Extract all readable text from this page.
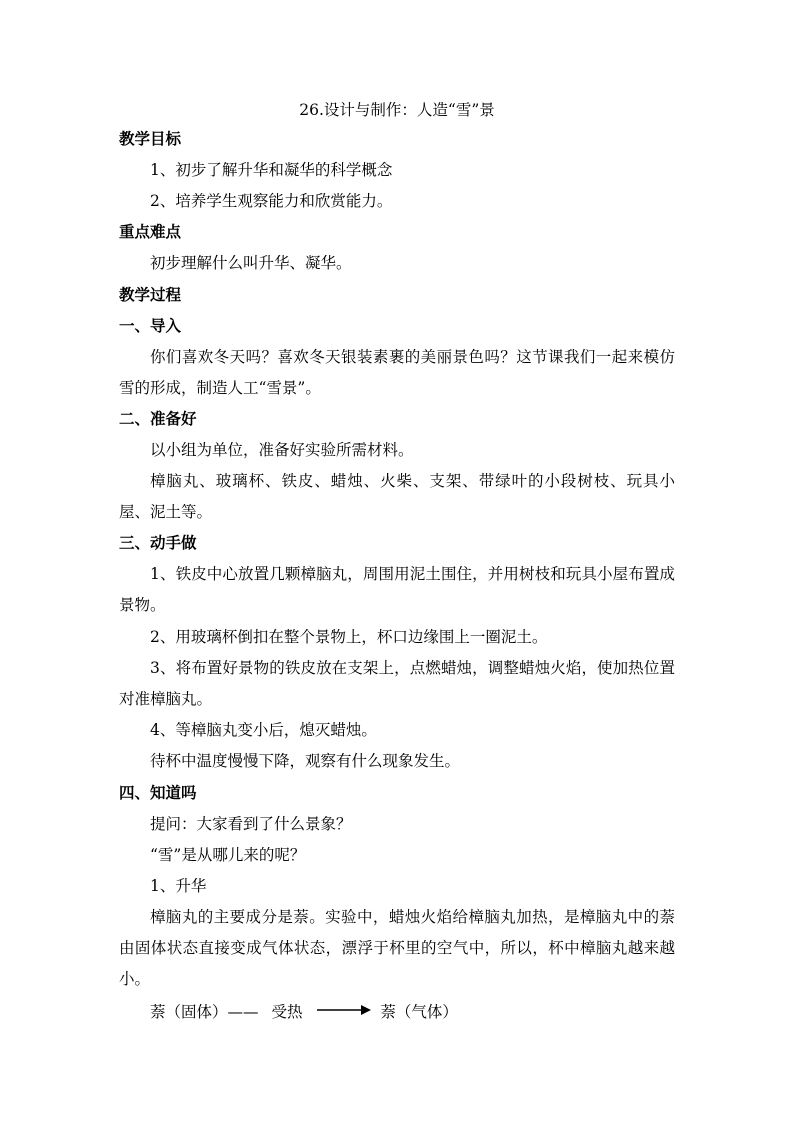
26.设计与制作：人造“雪”景
教学目标
1、初步了解升华和凝华的科学概念
2、培养学生观察能力和欣赏能力。
重点难点
初步理解什么叫升华、凝华。
教学过程
一、导入
你们喜欢冬天吗？喜欢冬天银装素裹的美丽景色吗？这节课我们一起来模仿雪的形成，制造人工“雪景”。
二、准备好
以小组为单位，准备好实验所需材料。
樟脑丸、玻璃杯、铁皮、蜡烛、火柴、支架、带绿叶的小段树枝、玩具小屋、泥土等。
三、动手做
1、铁皮中心放置几颗樟脑丸，周围用泥土围住，并用树枝和玩具小屋布置成景物。
2、用玻璃杯倒扣在整个景物上，杯口边缘围上一圈泥土。
3、将布置好景物的铁皮放在支架上，点燃蜡烛，调整蜡烛火焰，使加热位置对准樟脑丸。
4、等樟脑丸变小后，熄灭蜡烛。
待杯中温度慢慢下降，观察有什么现象发生。
四、知道吗
提问：大家看到了什么景象？
“雪”是从哪儿来的呢？
1、升华
樟脑丸的主要成分是萘。实验中，蜡烛火焰给樟脑丸加热，是樟脑丸中的萘由固体状态直接变成气体状态，漂浮于杯里的空气中，所以，杯中樟脑丸越来越小。
萘（固体）—— 受热	萘（气体）
